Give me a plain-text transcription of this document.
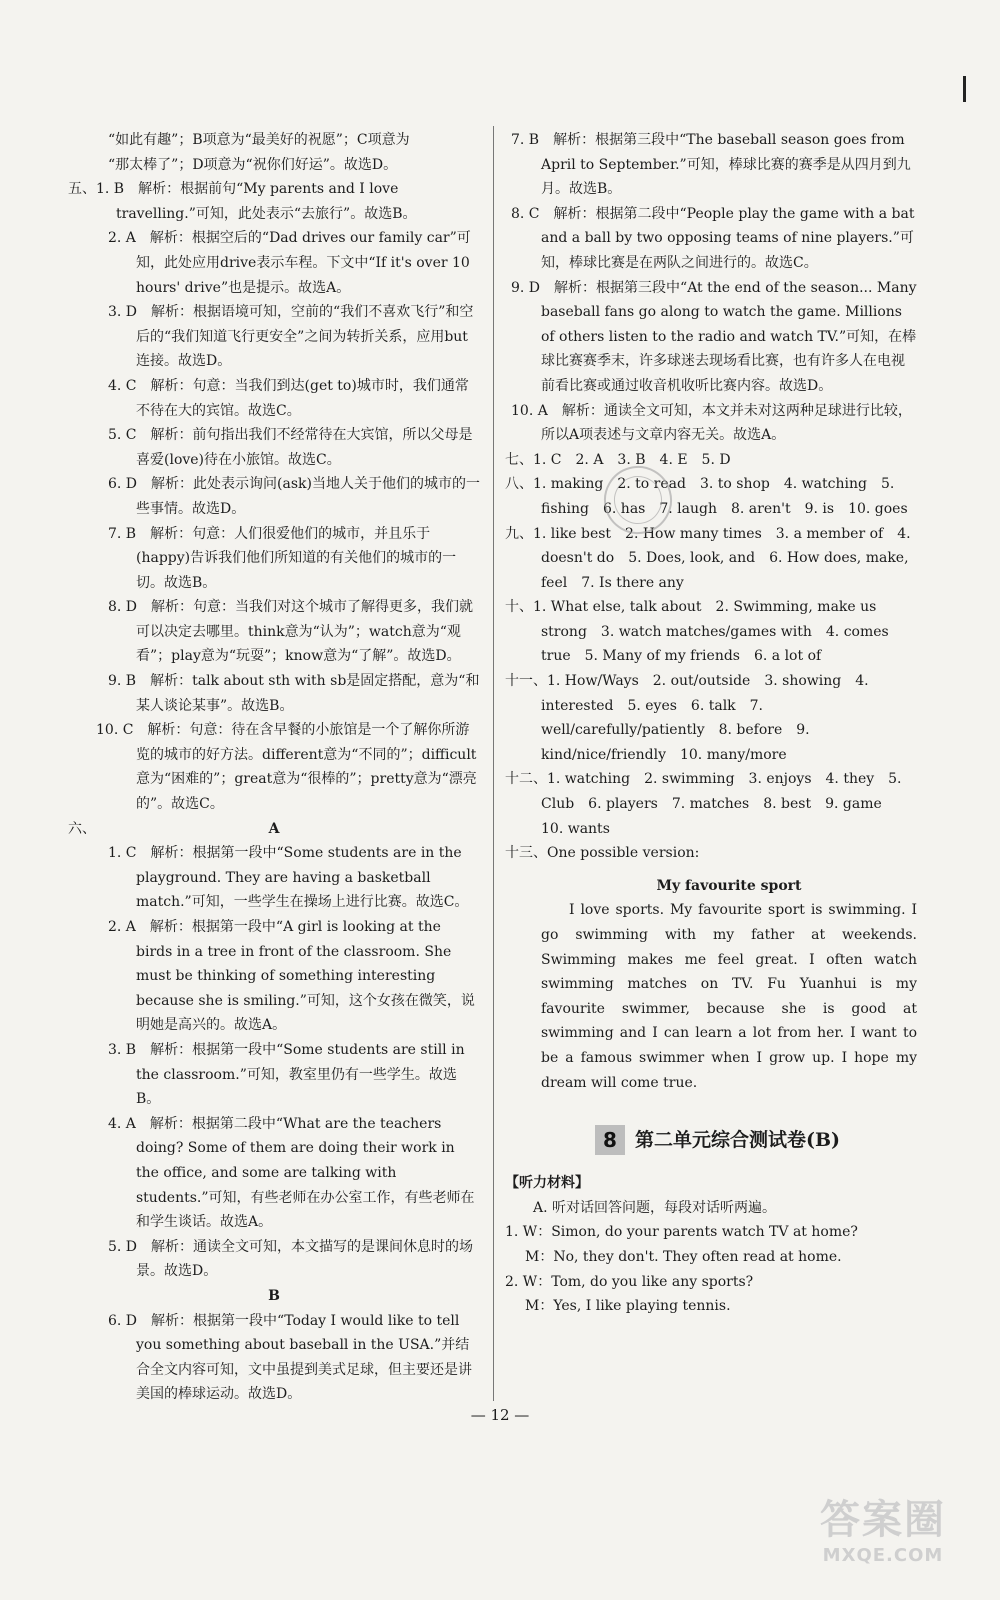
“如此有趣”；B项意为“最美好的祝愿”；C项意为

“那太棒了”；D项意为“祝你们好运”。故选D。

五、1. B　解析：根据前句“My parents and I love travelling.”可知，此处表示“去旅行”。故选B。

2. A　解析：根据空后的“Dad drives our family car”可知，此处应用drive表示车程。下文中“If it's over 10 hours' drive”也是提示。故选A。

3. D　解析：根据语境可知，空前的“我们不喜欢飞行”和空后的“我们知道飞行更安全”之间为转折关系，应用but连接。故选D。

4. C　解析：句意：当我们到达(get to)城市时，我们通常不待在大的宾馆。故选C。

5. C　解析：前句指出我们不经常待在大宾馆，所以父母是喜爱(love)待在小旅馆。故选C。

6. D　解析：此处表示询问(ask)当地人关于他们的城市的一些事情。故选D。

7. B　解析：句意：人们很爱他们的城市，并且乐于(happy)告诉我们他们所知道的有关他们的城市的一切。故选B。

8. D　解析：句意：当我们对这个城市了解得更多，我们就可以决定去哪里。think意为“认为”；watch意为“观看”；play意为“玩耍”；know意为“了解”。故选D。

9. B　解析：talk about sth with sb是固定搭配，意为“和某人谈论某事”。故选B。

10. C　解析：句意：待在含早餐的小旅馆是一个了解你所游览的城市的好方法。different意为“不同的”；difficult意为“困难的”；great意为“很棒的”；pretty意为“漂亮的”。故选C。

六、	A

1. C　解析：根据第一段中“Some students are in the playground. They are having a basketball match.”可知，一些学生在操场上进行比赛。故选C。

2. A　解析：根据第一段中“A girl is looking at the birds in a tree in front of the classroom. She must be thinking of something interesting because she is smiling.”可知，这个女孩在微笑，说明她是高兴的。故选A。

3. B　解析：根据第一段中“Some students are still in the classroom.”可知，教室里仍有一些学生。故选B。

4. A　解析：根据第二段中“What are the teachers doing? Some of them are doing their work in the office, and some are talking with students.”可知，有些老师在办公室工作，有些老师在和学生谈话。故选A。

5. D　解析：通读全文可知，本文描写的是课间休息时的场景。故选D。

B

6. D　解析：根据第一段中“Today I would like to tell you something about baseball in the USA.”并结合全文内容可知，文中虽提到美式足球，但主要还是讲美国的棒球运动。故选D。

7. B　解析：根据第三段中“The baseball season goes from April to September.”可知，棒球比赛的赛季是从四月到九月。故选B。

8. C　解析：根据第二段中“People play the game with a bat and a ball by two opposing teams of nine players.”可知，棒球比赛是在两队之间进行的。故选C。

9. D　解析：根据第三段中“At the end of the season... Many baseball fans go along to watch the game. Millions of others listen to the radio and watch TV.”可知，在棒球比赛赛季末，许多球迷去现场看比赛，也有许多人在电视前看比赛或通过收音机收听比赛内容。故选D。

10. A　解析：通读全文可知，本文并未对这两种足球进行比较，所以A项表述与文章内容无关。故选A。

七、1. C　2. A　3. B　4. E　5. D

八、1. making　2. to read　3. to shop　4. watching　5. fishing　6. has　7. laugh　8. aren't　9. is　10. goes

九、1. like best　2. How many times　3. a member of　4. doesn't do　5. Does, look, and　6. How does, make, feel　7. Is there any

十、1. What else, talk about　2. Swimming, make us strong　3. watch matches/games with　4. comes true　5. Many of my friends　6. a lot of

十一、1. How/Ways　2. out/outside　3. showing　4. interested　5. eyes　6. talk　7. well/carefully/patiently　8. before　9. kind/nice/friendly　10. many/more

十二、1. watching　2. swimming　3. enjoys　4. they　5. Club　6. players　7. matches　8. best　9. game　10. wants

十三、One possible version:

My favourite sport

I love sports. My favourite sport is swimming. I go swimming with my father at weekends. Swimming makes me feel great. I often watch swimming matches on TV. Fu Yuanhui is my favourite swimmer, because she is good at swimming and I can learn a lot from her. I want to be a famous swimmer when I grow up. I hope my dream will come true.

8 第二单元综合测试卷(B)

【听力材料】

A. 听对话回答问题，每段对话听两遍。

1. W：Simon, do your parents watch TV at home?

M：No, they don't. They often read at home.

2. W：Tom, do you like any sports?

M：Yes, I like playing tennis.

— 12 —
答案圈
MXQE.COM
